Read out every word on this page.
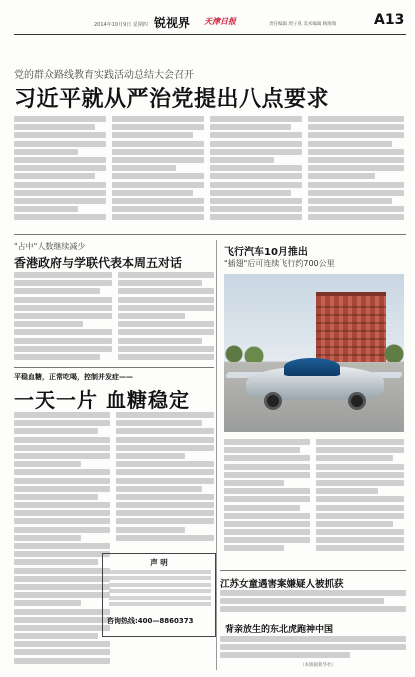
2014年10月9日 星期四 锐视界 天津日报	责任编辑 周子真 美术编辑 顾海瑞	A13
党的群众路线教育实践活动总结大会召开
习近平就从严治党提出八点要求
"占中"人数继续减少
香港政府与学联代表本周五对话
平稳血糖，正常吃喝，控制并发症——
一天一片 血糖稳定
声 明
咨询热线:400—8860373
飞行汽车10月推出
"插翅"后可连续飞行约700公里
江苏女童遇害案嫌疑人被抓获
背亲放生的东北虎跑神中国
（本版据新华社）
